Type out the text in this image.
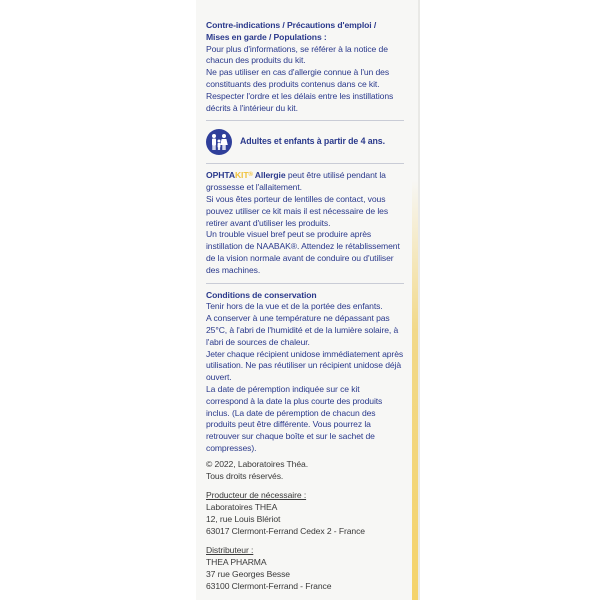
Contre-indications / Précautions d'emploi /
Mises en garde / Populations :
Pour plus d'informations, se référer à la notice de
chacun des produits du kit.
Ne pas utiliser en cas d'allergie connue à l'un des
constituants des produits contenus dans ce kit.
Respecter l'ordre et les délais entre les instillations
décrits à l'intérieur du kit.
Adultes et enfants à partir de 4 ans.
OPHTAKIT® Allergie peut être utilisé pendant la
grossesse et l'allaitement.
Si vous êtes porteur de lentilles de contact, vous
pouvez utiliser ce kit mais il est nécessaire de les
retirer avant d'utiliser les produits.
Un trouble visuel bref peut se produire après
instillation de NAABAK®. Attendez le rétablissement
de la vision normale avant de conduire ou d'utiliser
des machines.
Conditions de conservation
Tenir hors de la vue et de la portée des enfants.
A conserver à une température ne dépassant pas
25°C, à l'abri de l'humidité et de la lumière solaire, à
l'abri de sources de chaleur.
Jeter chaque récipient unidose immédiatement après
utilisation. Ne pas réutiliser un récipient unidose déjà
ouvert.
La date de péremption indiquée sur ce kit
correspond à la date la plus courte des produits
inclus. (La date de péremption de chacun des
produits peut être différente. Vous pourrez la
retrouver sur chaque boîte et sur le sachet de
compresses).
© 2022, Laboratoires Théa.
Tous droits réservés.
Producteur de nécessaire :
Laboratoires THEA
12, rue Louis Blériot
63017 Clermont-Ferrand Cedex 2 - France
Distributeur :
THEA PHARMA
37 rue Georges Besse
63100 Clermont-Ferrand - France
